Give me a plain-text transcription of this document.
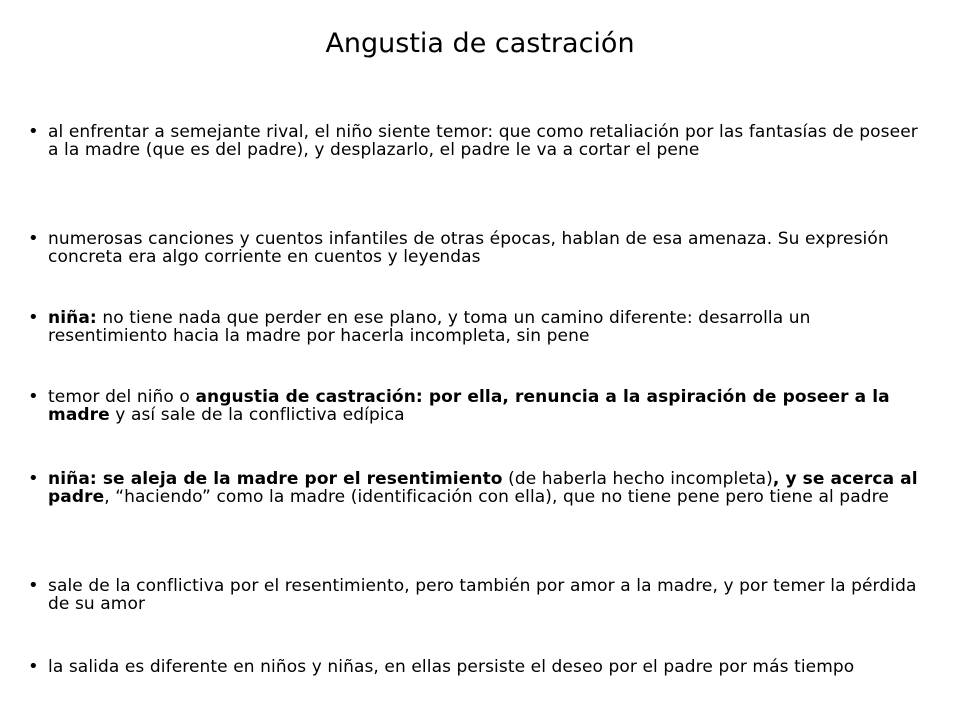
Angustia de castración
• al enfrentar a semejante rival, el niño siente temor: que como retaliación por las fantasías de poseer a la madre (que es del padre), y desplazarlo, el padre le va a cortar el pene
• numerosas canciones y cuentos infantiles de otras épocas, hablan de esa amenaza. Su expresión concreta era algo corriente en cuentos y leyendas
• niña: no tiene nada que perder en ese plano, y toma un camino diferente: desarrolla un resentimiento hacia la madre por hacerla incompleta, sin pene
• temor del niño o angustia de castración: por ella, renuncia a la aspiración de poseer a la madre y así sale de la conflictiva edípica
• niña: se aleja de la madre por el resentimiento (de haberla hecho incompleta), y se acerca al padre, “haciendo” como la madre (identificación con ella), que no tiene pene pero tiene al padre
• sale de la conflictiva por el resentimiento, pero también por amor a la madre, y por temer la pérdida de su amor
• la salida es diferente en niños y niñas, en ellas persiste el deseo por el padre por más tiempo
